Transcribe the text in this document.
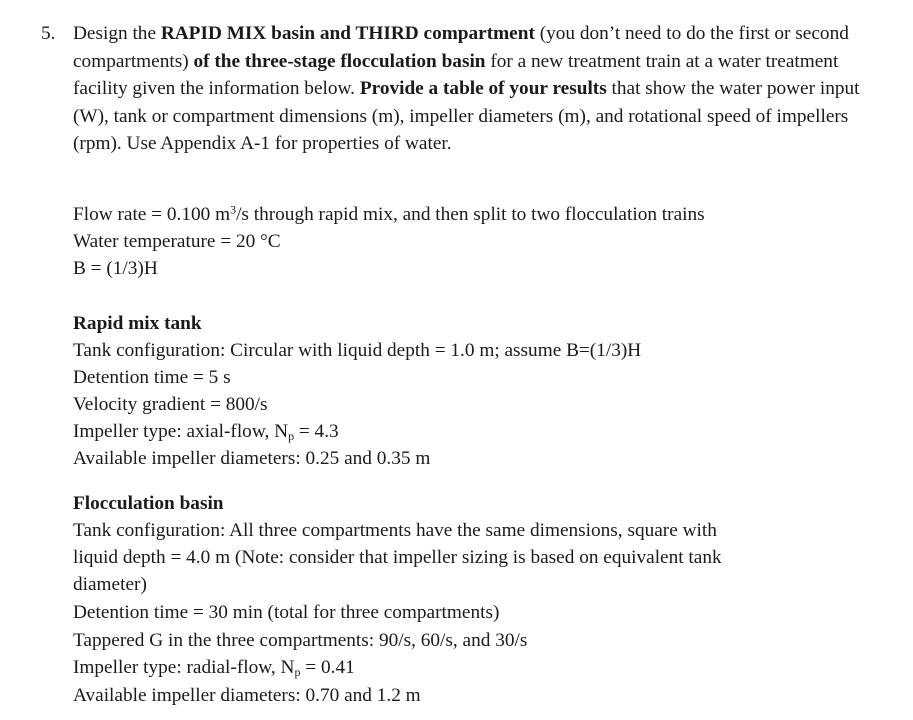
5. Design the RAPID MIX basin and THIRD compartment (you don’t need to do the first or second compartments) of the three-stage flocculation basin for a new treatment train at a water treatment facility given the information below. Provide a table of your results that show the water power input (W), tank or compartment dimensions (m), impeller diameters (m), and rotational speed of impellers (rpm). Use Appendix A-1 for properties of water.

Flow rate = 0.100 $m^3/s$ through rapid mix, and then split to two flocculation trains
Water temperature = 20 °C
B = (1/3)H
Rapid mix tank
Tank configuration: Circular with liquid depth = 1.0 m; assume B=(1/3)H
Detention time = 5 s
Velocity gradient = 800/s
Impeller type: axial-flow, $N_p = 4.3$
Available impeller diameters: 0.25 and 0.35 m
Flocculation basin
Tank configuration: All three compartments have the same dimensions, square with
liquid depth = 4.0 m (Note: consider that impeller sizing is based on equivalent tank
diameter)
Detention time = 30 min (total for three compartments)
Tappered G in the three compartments: 90/s, 60/s, and 30/s
Impeller type: radial-flow, $N_p = 0.41$
Available impeller diameters: 0.70 and 1.2 m
